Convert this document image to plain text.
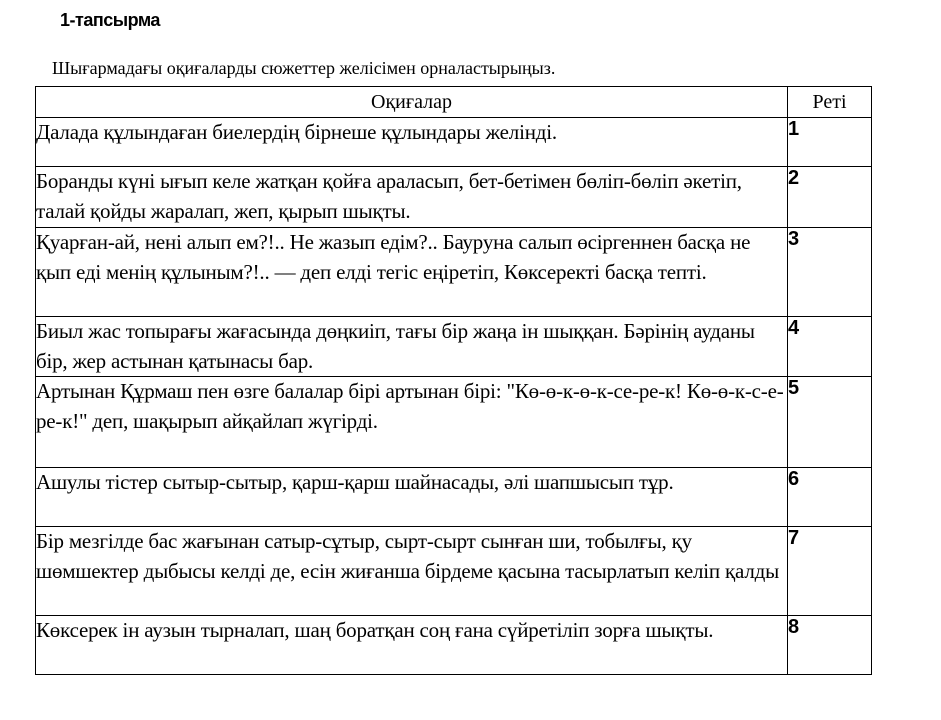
1-тапсырма
Шығармадағы оқиғаларды сюжеттер желісімен орналастырыңыз.
Оқиғалар	Реті
Далада құлындаған биелердің бірнеше құлындары желінді.	1
Боранды күні ығып келе жатқан қойға араласып, бет-бетімен бөліп-бөліп әкетіп, талай қойды жаралап, жеп, қырып шықты.	2
Қуарған-ай, нені алып ем?!.. Не жазып едім?.. Бауруна салып өсіргеннен басқа не қып еді менің құлыным?!.. — деп елді тегіс еңіретіп, Көксеректі басқа тепті.	3
Биыл жас топырағы жағасында дөңкиіп, тағы бір жаңа ін шыққан. Бәрінің ауданы бір, жер астынан қатынасы бар.	4
Артынан Құрмаш пен өзге балалар бірі артынан бірі: "Кө-ө-к-ө-к-се-ре-к! Кө-ө-к-с-е-ре-к!" деп, шақырып айқайлап жүгірді.	5
Ашулы тістер сытыр-сытыр, қарш-қарш шайнасады, әлі шапшысып тұр.	6
Бір мезгілде бас жағынан сатыр-сұтыр, сырт-сырт сынған ши, тобылғы, қу шөмшектер дыбысы келді де, есін жиғанша бірдеме қасына тасырлатып келіп қалды	7
Көксерек ін аузын тырналап, шаң боратқан соң ғана сүйретіліп зорға шықты.	8
